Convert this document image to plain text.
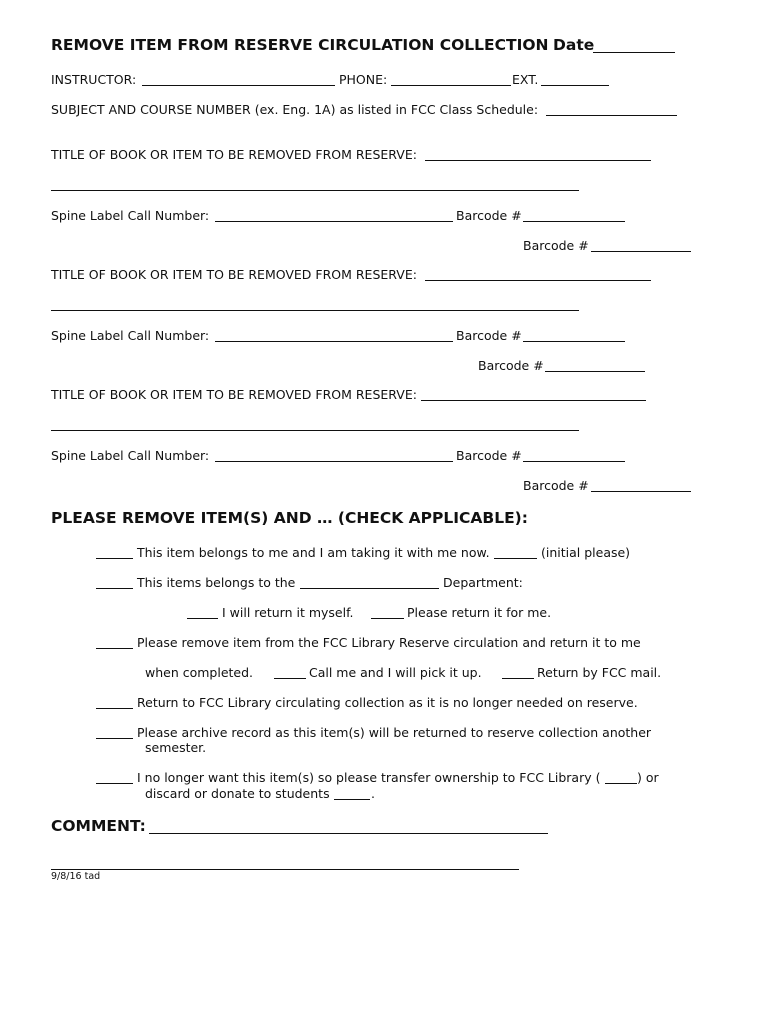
REMOVE ITEM FROM RESERVE CIRCULATION COLLECTION Date
INSTRUCTOR:	PHONE:	EXT.
SUBJECT AND COURSE NUMBER (ex. Eng. 1A) as listed in FCC Class Schedule:
TITLE OF BOOK OR ITEM TO BE REMOVED FROM RESERVE:
Spine Label Call Number:	Barcode #
Barcode #
TITLE OF BOOK OR ITEM TO BE REMOVED FROM RESERVE:
Spine Label Call Number:	Barcode #
Barcode #
TITLE OF BOOK OR ITEM TO BE REMOVED FROM RESERVE:
Spine Label Call Number:	Barcode #
Barcode #
PLEASE REMOVE ITEM(S) AND … (CHECK APPLICABLE):
This item belongs to me and I am taking it with me now.	(initial please)
This items belongs to the	Department:
I will return it myself.	Please return it for me.
Please remove item from the FCC Library Reserve circulation and return it to me
when completed.	Call me and I will pick it up.	Return by FCC mail.
Return to FCC Library circulating collection as it is no longer needed on reserve.
Please archive record as this item(s) will be returned to reserve collection another
semester.
I no longer want this item(s) so please transfer ownership to FCC Library (	) or
discard or donate to students	.
COMMENT:
9/8/16 tad
